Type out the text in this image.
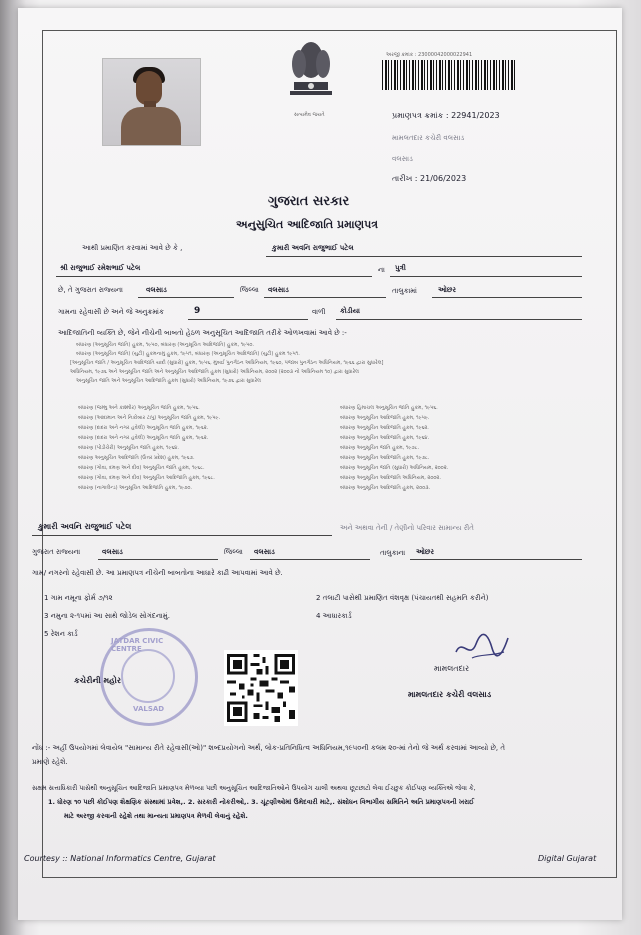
સત્યમેવ જયતે
અરજી ક્રમાંક : 23000042000022941
પ્રમાણપત્ર ક્રમાંક : 22941/2023
મામલતદાર કચેરી વલસાડ
વલસાડ
તારીખ : 21/06/2023
ગુજરાત સરકાર
અનુસુચિત આદિજાતિ પ્રમાણપત્ર
આથી પ્રમાણિત કરવામાં આવે છે કે ,	કુમારી અવનિ રાજુભાઈ પટેલ
શ્રી રાજુભાઈ રમેશભાઈ પટેલ	ના પુત્રી
છે, તે ગુજરાત રાજ્યના	વલસાડ	જિલ્લા વલસાડ	તાલુકામાં	ઓછર
ગામના રહેવાસી છે અને જે અનુક્રમાંક	9	વાળી કોડીયા
આદિજાતિની વ્યક્તિ છે, જેને નીચેની બાબતો હેઠળ અનુસૂચિત આદિજાતિ તરીકે ઓળખવામાં આવે છે :-
બંધારણ (અનુસૂચિત જાતિ) હુકમ, ૧૯૫૦, બંધારણ (અનુસૂચિત આદિજાતિ) હુકમ, ૧૯૫૦.
બંધારણ (અનુસૂચિત જાતિ) (યુટી) હુકમનામું હુકમ, ૧૯૫૧, બંધારણ (અનુસૂચિત આદિજાતિ) (યુટી) હુકમ ૧૯૫૧.
[અનુસૂચિત જાતિ / અનુસૂચિત આદિજાતિ યાદી (સુધારો) હુકમ, ૧૯૫૬, મુંબઈ પુનર્ગઠન અધિનિયમ, ૧૯૬૦, પંજાબ પુનર્ગઠન અધિનિયમ, ૧૯૬૬ દ્વારા સુધારેલ]
અધિનિયમ, ૧૯૭૬ અને અનુસૂચિત જાતિ અને અનુસૂચિત આદિજાતિ હુકમ (સુધારો) અધિનિયમ, ૨૦૦૨ (૨૦૦૩ નો અધિનિયમ ૧૦) દ્વારા સુધારેલ
અનુસૂચિત જાતિ અને અનુસૂચિત આદિજાતિ હુકમ (સુધારો) અધિનિયમ, ૧૯૭૬ દ્વારા સુધારેલ
બંધારણ (જમ્મુ અને કાશ્મીર) અનુસૂચિત જાતિ હુકમ, ૧૯૫૬.
બંધારણ (આંદામાન અને નિકોબાર ટાપુ) અનુસૂચિત જાતિ હુકમ, ૧૯૫૯.
બંધારણ (દાદરા અને નગર હવેલી) અનુસૂચિત જાતિ હુકમ, ૧૯૬૨.
બંધારણ (દાદરા અને નગર હવેલી) અનુસૂચિત જાતિ હુકમ, ૧૯૬૨.
બંધારણ (પોંડીચેરી) અનુસૂચિત જાતિ હુકમ, ૧૯૬૪.
બંધારણ અનુસૂચિત આદિજાતિ (ઉત્તર પ્રદેશ) હુકમ, ૧૯૬૭.
બંધારણ (ગોવા, દમણ અને દીવ) અનુસૂચિત જાતિ હુકમ, ૧૯૬૮.
બંધારણ (ગોવા, દમણ અને દીવ) અનુસૂચિત આદિજાતિ હુકમ, ૧૯૬૮.
બંધારણ (નાગાલેન્ડ) અનુસૂચિત આદિજાતિ હુકમ, ૧૯૭૦.
બંધારણ હિમાચલ અનુસૂચિત જાતિ હુકમ, ૧૯૫૬.
બંધારણ અનુસૂચિત આદિજાતિ હુકમ, ૧૯૫૯.
બંધારણ અનુસૂચિત આદિજાતિ હુકમ, ૧૯૬૨.
બંધારણ અનુસૂચિત આદિજાતિ હુકમ, ૧૯૬૪.
બંધારણ અનુસૂચિત જાતિ હુકમ, ૧૯૭૮.
બંધારણ અનુસૂચિત આદિજાતિ હુકમ, ૧૯૭૮.
બંધારણ અનુસૂચિત જાતિ (સુધારો) અધિનિયમ, ૨૦૦૨.
બંધારણ અનુસૂચિત આદિજાતિ અધિનિયમ, ૨૦૦૨.
બંધારણ અનુસૂચિત આદિજાતિ હુકમ, ૨૦૦૩.
કુમારી અવનિ રાજુભાઈ પટેલ	અને અથવા તેની / તેણીનો પરિવાર સામાન્ય રીતે
ગુજરાત રાજ્યના	વલસાડ	જિલ્લા વલસાડ	તાલુકાના ઓછર
ગામ/ નગરનો રહેવાસી છે. આ પ્રમાણપત્ર નીચેની બાબતોના આધારે કાઢી આપવામાં આવે છે.
1 ગામ નમૂના ફોર્મ ૭/૧૨	2 તલાટી પાસેથી પ્રમાણિત વંશવૃક્ષ (પંચાયતથી સહમતિ કરીને)
3 નમુના ૨-૧૫માં આ સાથે જોડેલ સોગંદનામું.	4 આધારકાર્ડ
5 રેશન કાર્ડ
JATDAR CIVIC CENTRE
VALSAD
કચેરીની મહોર
મામલતદાર
મામલતદાર કચેરી વલસાડ
નોંધ :- અહીં ઉપયોગમાં લેવાયેલ "સામાન્ય રીતે રહેવાસી(ઓ)" શબ્દપ્રયોગનો અર્થ, લોક-પ્રતિનિધિત્વ અધિનિયમ,૧૯૫૦ની કલમ ૨૦-માં તેનો જે અર્થ કરવામાં આવ્યો છે, તે
પ્રમાણે રહેશે.
સક્ષમ સત્તાધિકારી પાસેથી અનુસૂચિત આદિજાતિ પ્રમાણપત્ર મેળવ્યા પછી અનુસૂચિત આદિજાતિઓને ઉપયોગ ચાલી અથવા છૂટછાટો લેવા ઈચ્છુક કોઈપણ વ્યક્તિએ જેવા કે,
1. ધોરણ ૧૦ પછી કોઈપણ શૈક્ષણિક સંસ્થામાં પ્રવેશ,. 2. સરકારી નોકરીઓ,. 3. ચૂંટણીઓમાં ઉમેદવારી માટે,. સંશોધન વિભાગીય સમિતિને અતિ પ્રમાણપત્રની ખરાઈ
માટે અરજી કરવાની રહેશે તથા માન્યતા પ્રમાણપત્ર મેળવી લેવાનું રહેશે.
Courtesy :: National Informatics Centre, Gujarat	Digital Gujarat
